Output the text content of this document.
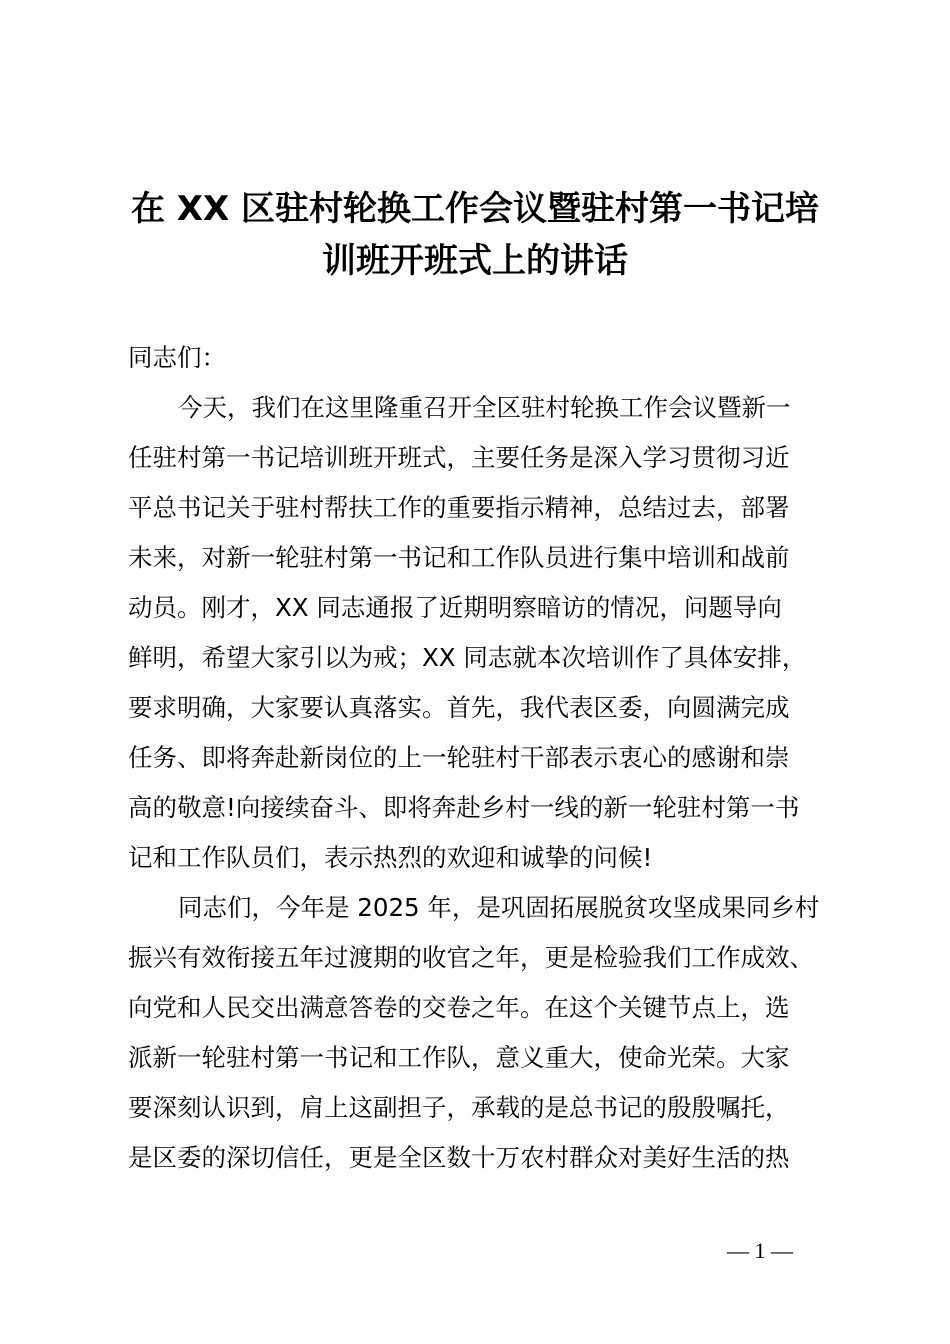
在 XX 区驻村轮换工作会议暨驻村第一书记培
训班开班式上的讲话
同志们：
今天，我们在这里隆重召开全区驻村轮换工作会议暨新一
任驻村第一书记培训班开班式，主要任务是深入学习贯彻习近
平总书记关于驻村帮扶工作的重要指示精神，总结过去，部署
未来，对新一轮驻村第一书记和工作队员进行集中培训和战前
动员。刚才，XX 同志通报了近期明察暗访的情况，问题导向
鲜明，希望大家引以为戒；XX 同志就本次培训作了具体安排，
要求明确，大家要认真落实。首先，我代表区委，向圆满完成
任务、即将奔赴新岗位的上一轮驻村干部表示衷心的感谢和崇
高的敬意!向接续奋斗、即将奔赴乡村一线的新一轮驻村第一书
记和工作队员们，表示热烈的欢迎和诚挚的问候!
同志们，今年是 2025 年，是巩固拓展脱贫攻坚成果同乡村
振兴有效衔接五年过渡期的收官之年，更是检验我们工作成效、
向党和人民交出满意答卷的交卷之年。在这个关键节点上，选
派新一轮驻村第一书记和工作队，意义重大，使命光荣。大家
要深刻认识到，肩上这副担子，承载的是总书记的殷殷嘱托，
是区委的深切信任，更是全区数十万农村群众对美好生活的热
— 1 —
